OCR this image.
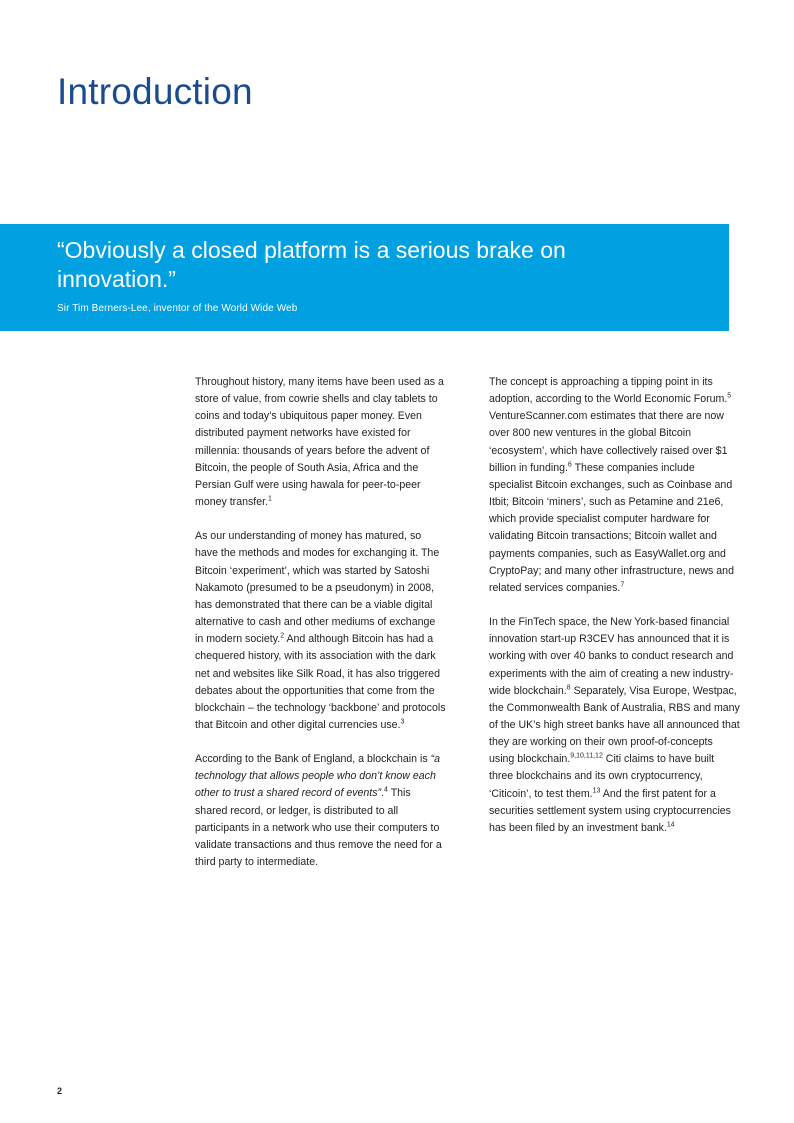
Introduction
“Obviously a closed platform is a serious brake on innovation.”
Sir Tim Berners-Lee, inventor of the World Wide Web

Throughout history, many items have been used as a store of value, from cowrie shells and clay tablets to coins and today’s ubiquitous paper money. Even distributed payment networks have existed for millennia: thousands of years before the advent of Bitcoin, the people of South Asia, Africa and the Persian Gulf were using hawala for peer-to-peer money transfer.$^1$

As our understanding of money has matured, so have the methods and modes for exchanging it. The Bitcoin ‘experiment’, which was started by Satoshi Nakamoto (presumed to be a pseudonym) in 2008, has demonstrated that there can be a viable digital alternative to cash and other mediums of exchange in modern society.$^2$ And although Bitcoin has had a chequered history, with its association with the dark net and websites like Silk Road, it has also triggered debates about the opportunities that come from the blockchain – the technology ‘backbone’ and protocols that Bitcoin and other digital currencies use.$^3$

According to the Bank of England, a blockchain is “a technology that allows people who don’t know each other to trust a shared record of events”.$^4$ This shared record, or ledger, is distributed to all participants in a network who use their computers to validate transactions and thus remove the need for a third party to intermediate.

The concept is approaching a tipping point in its adoption, according to the World Economic Forum.$^5$ VentureScanner.com estimates that there are now over 800 new ventures in the global Bitcoin ‘ecosystem’, which have collectively raised over $1 billion in funding.$^6$ These companies include specialist Bitcoin exchanges, such as Coinbase and Itbit; Bitcoin ‘miners’, such as Petamine and 21e6, which provide specialist computer hardware for validating Bitcoin transactions; Bitcoin wallet and payments companies, such as EasyWallet.org and CryptoPay; and many other infrastructure, news and related services companies.$^7$

In the FinTech space, the New York-based financial innovation start-up R3CEV has announced that it is working with over 40 banks to conduct research and experiments with the aim of creating a new industry-wide blockchain.$^8$ Separately, Visa Europe, Westpac, the Commonwealth Bank of Australia, RBS and many of the UK’s high street banks have all announced that they are working on their own proof-of-concepts using blockchain.$^{9,10,11,12}$ Citi claims to have built three blockchains and its own cryptocurrency, ‘Citicoin’, to test them.$^{13}$ And the first patent for a securities settlement system using cryptocurrencies has been filed by an investment bank.$^{14}$

2
